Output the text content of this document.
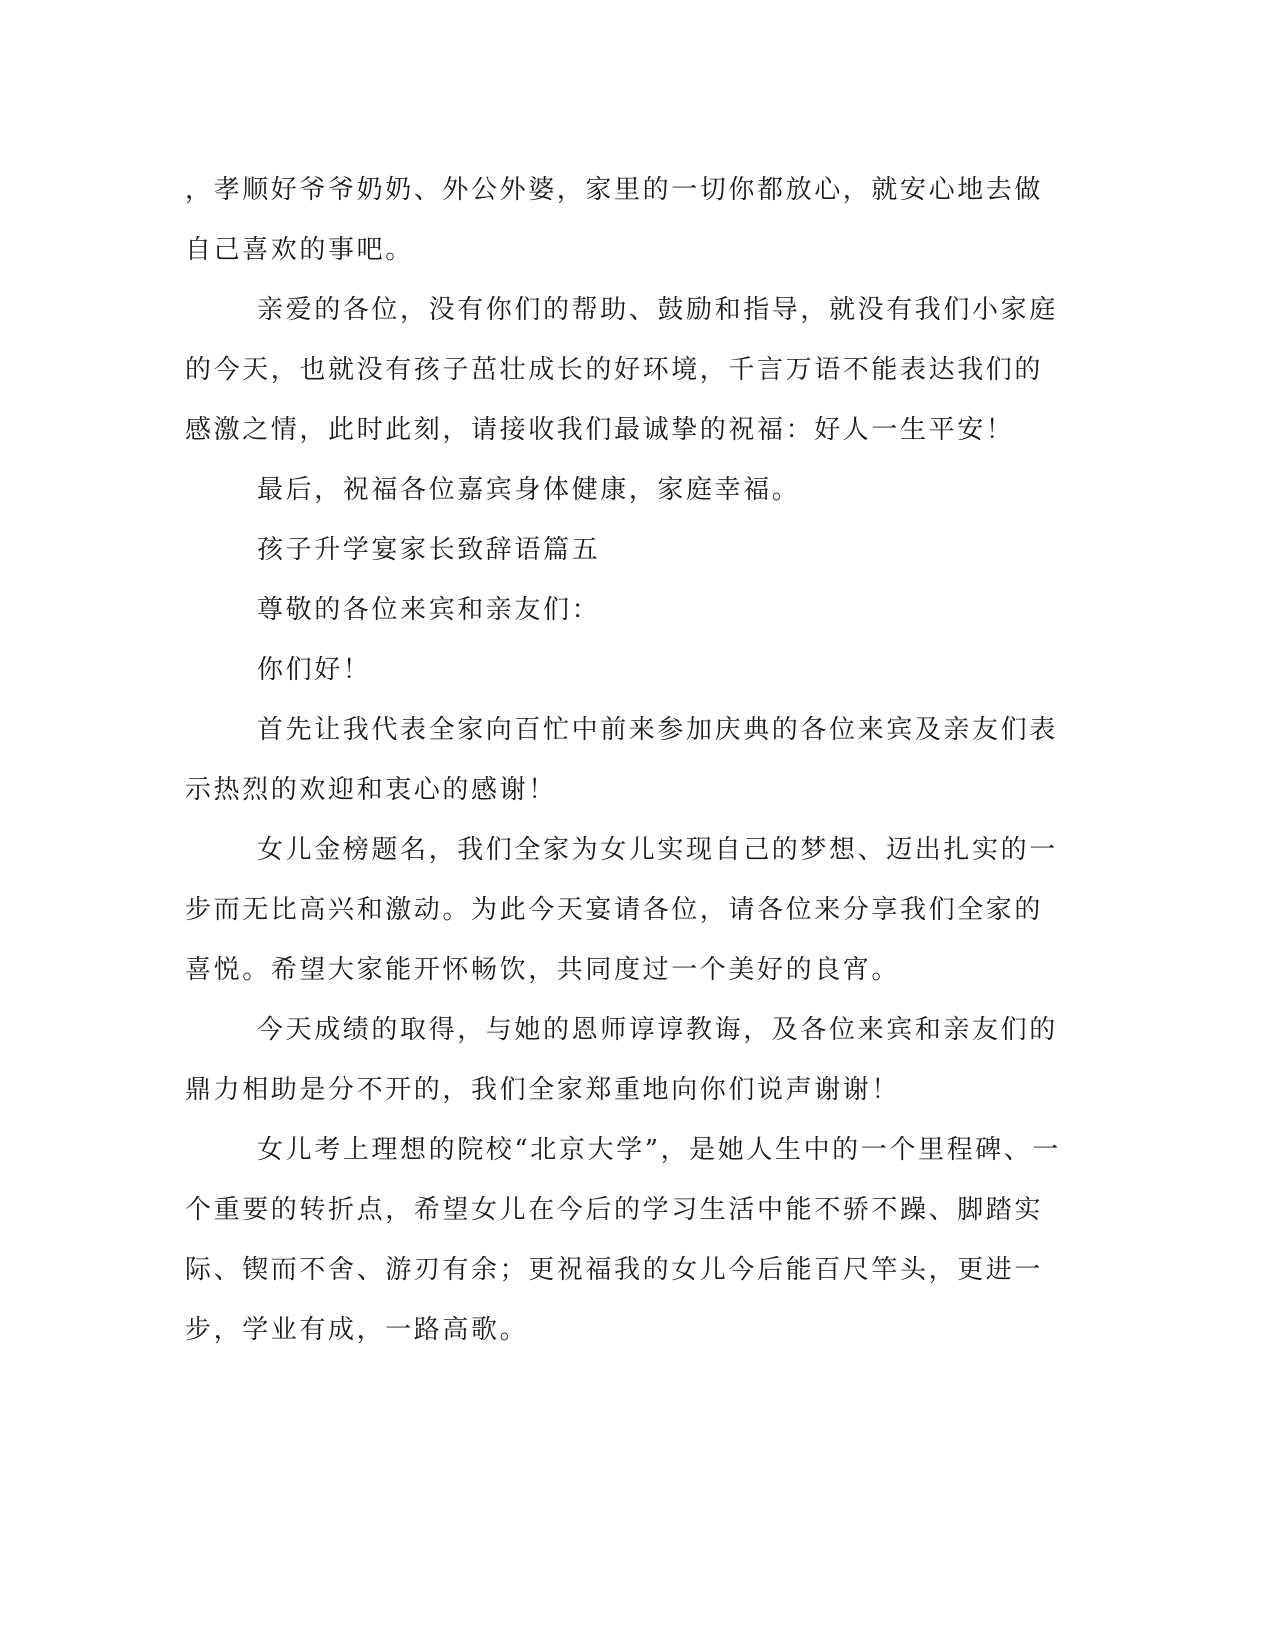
，孝顺好爷爷奶奶、外公外婆，家里的一切你都放心，就安心地去做

自己喜欢的事吧。

亲爱的各位，没有你们的帮助、鼓励和指导，就没有我们小家庭

的今天，也就没有孩子茁壮成长的好环境，千言万语不能表达我们的

感激之情，此时此刻，请接收我们最诚挚的祝福：好人一生平安！

最后，祝福各位嘉宾身体健康，家庭幸福。

孩子升学宴家长致辞语篇五

尊敬的各位来宾和亲友们：

你们好！

首先让我代表全家向百忙中前来参加庆典的各位来宾及亲友们表

示热烈的欢迎和衷心的感谢！

女儿金榜题名，我们全家为女儿实现自己的梦想、迈出扎实的一

步而无比高兴和激动。为此今天宴请各位，请各位来分享我们全家的

喜悦。希望大家能开怀畅饮，共同度过一个美好的良宵。

今天成绩的取得，与她的恩师谆谆教诲，及各位来宾和亲友们的

鼎力相助是分不开的，我们全家郑重地向你们说声谢谢！

女儿考上理想的院校“北京大学”，是她人生中的一个里程碑、一

个重要的转折点，希望女儿在今后的学习生活中能不骄不躁、脚踏实

际、锲而不舍、游刃有余；更祝福我的女儿今后能百尺竿头，更进一

步，学业有成，一路高歌。
